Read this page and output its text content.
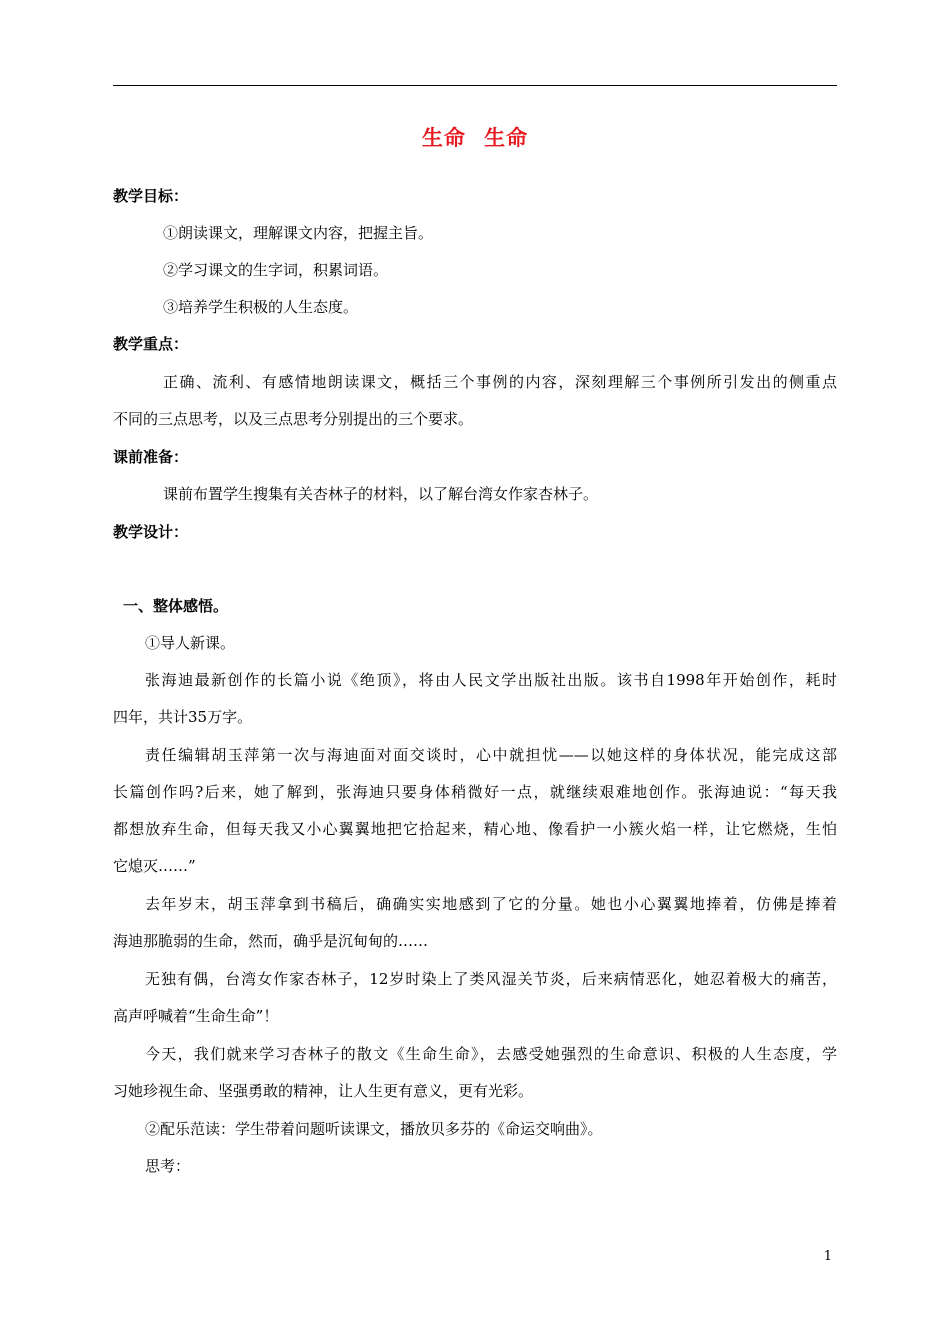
生命 生命
教学目标：
①朗读课文，理解课文内容，把握主旨。
②学习课文的生字词，积累词语。
③培养学生积极的人生态度。
教学重点：
正确、流利、有感情地朗读课文，概括三个事例的内容，深刻理解三个事例所引发出的侧重点
不同的三点思考，以及三点思考分别提出的三个要求。
课前准备：
课前布置学生搜集有关杏林子的材料，以了解台湾女作家杏林子。
教学设计：
一、整体感悟。
①导人新课。
张海迪最新创作的长篇小说《绝顶》，将由人民文学出版社出版。该书自1998年开始创作，耗时
四年，共计35万字。
责任编辑胡玉萍第一次与海迪面对面交谈时，心中就担忧——以她这样的身体状况，能完成这部
长篇创作吗?后来，她了解到，张海迪只要身体稍微好一点，就继续艰难地创作。张海迪说：“每天我
都想放弃生命，但每天我又小心翼翼地把它拾起来，精心地、像看护一小簇火焰一样，让它燃烧，生怕
它熄灭……”
去年岁末，胡玉萍拿到书稿后，确确实实地感到了它的分量。她也小心翼翼地捧着，仿佛是捧着
海迪那脆弱的生命，然而，确乎是沉甸甸的……
无独有偶，台湾女作家杏林子，12岁时染上了类风湿关节炎，后来病情恶化，她忍着极大的痛苦，
高声呼喊着“生命生命”！
今天，我们就来学习杏林子的散文《生命生命》，去感受她强烈的生命意识、积极的人生态度，学
习她珍视生命、坚强勇敢的精神，让人生更有意义，更有光彩。
②配乐范读：学生带着问题听读课文，播放贝多芬的《命运交响曲》。
思考：
1
